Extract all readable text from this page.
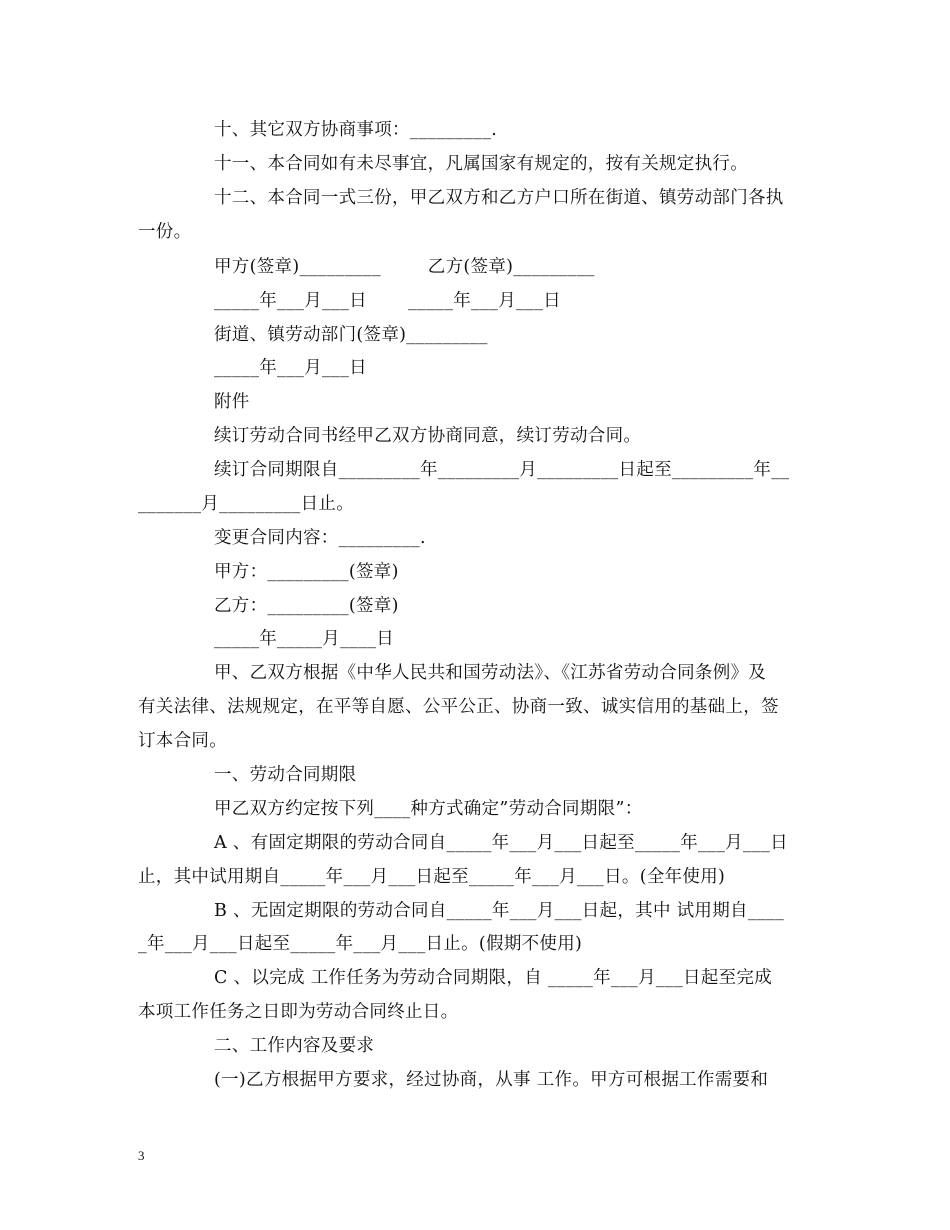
十、其它双方协商事项：_________.
十一、本合同如有未尽事宜，凡属国家有规定的，按有关规定执行。
十二、本合同一式三份，甲乙双方和乙方户口所在街道、镇劳动部门各执
一份。
甲方(签章)_________        乙方(签章)_________
_____年___月___日       _____年___月___日
街道、镇劳动部门(签章)_________
_____年___月___日
附件
续订劳动合同书经甲乙双方协商同意，续订劳动合同。
续订合同期限自_________年_________月_________日起至_________年__
_______月_________日止。
变更合同内容：_________.
甲方：_________(签章)
乙方：_________(签章)
_____年_____月____日
甲、乙双方根据《中华人民共和国劳动法》、《江苏省劳动合同条例》及
有关法律、法规规定，在平等自愿、公平公正、协商一致、诚实信用的基础上，签
订本合同。
一、劳动合同期限
甲乙双方约定按下列____种方式确定”劳动合同期限”：
A 、有固定期限的劳动合同自_____年___月___日起至_____年___月___日
止，其中试用期自_____年___月___日起至_____年___月___日。(全年使用)
B 、无固定期限的劳动合同自_____年___月___日起，其中 试用期自____
_年___月___日起至_____年___月___日止。(假期不使用)
C 、以完成 工作任务为劳动合同期限，自 _____年___月___日起至完成
本项工作任务之日即为劳动合同终止日。
二、工作内容及要求
(一)乙方根据甲方要求，经过协商，从事 工作。甲方可根据工作需要和
3
